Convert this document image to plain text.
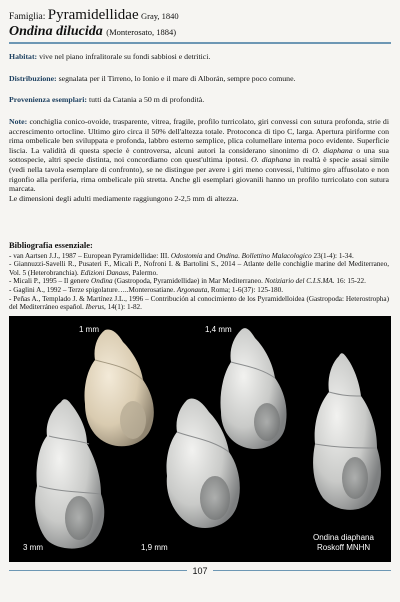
Famiglia: Pyramidellidae Gray, 1840
Ondina dilucida (Monterosato, 1884)
Habitat: vive nel piano infralitorale su fondi sabbiosi e detritici.
Distribuzione: segnalata per il Tirreno, lo Ionio e il mare di Alborán, sempre poco comune.
Provenienza esemplari: tutti da Catania a 50 m di profondità.
Note: conchiglia conico-ovoide, trasparente, vitrea, fragile, profilo turricolato, giri convessi con sutura profonda, strie di accrescimento ortocline. Ultimo giro circa il 50% dell'altezza totale. Protoconca di tipo C, larga. Apertura piriforme con rima ombelicale ben sviluppata e profonda, labbro esterno semplice, plica columellare interna poco evidente. Superficie liscia. La validità di questa specie è controversa, alcuni autori la considerano sinonimo di O. diaphana o una sua sottospecie, altri specie distinta, noi concordiamo con quest'ultima ipotesi. O. diaphana in realtà è specie assai simile (vedi nella tavola esemplare di confronto), se ne distingue per avere i giri meno convessi, l'ultimo giro affusolato e non rigonfio alla periferia, rima ombelicale più stretta. Anche gli esemplari giovanili hanno un profilo turricolato con sutura marcata.
Le dimensioni degli adulti mediamente raggiungono 2-2,5 mm di altezza.
Bibliografia essenziale:
- van Aartsen J.J., 1987 – European Pyramidellidae: III. Odostomia and Ondina. Bollettino Malacologico 23(1-4): 1-34.
- Giannuzzi-Savelli R., Pusateri F., Micali P., Nofroni I. & Bartolini S., 2014 – Atlante delle conchiglie marine del Mediterraneo, Vol. 5 (Heterobranchia). Edizioni Danaus, Palermo.
- Micali P., 1995 – Il genere Ondina (Gastropoda, Pyramidellidae) in Mar Mediterraneo. Notiziario del C.I.S.MA. 16: 15-22.
- Gaglini A., 1992 – Terze spigolature…..Monterosatiane. Argonauta, Roma; 1-6(37): 125-180.
- Peñas A., Templado J. & Martínez J.L., 1996 – Contribución al conocimiento de los Pyramidelloidea (Gastropoda: Heterostropha) del Mediterráneo español. Iberus, 14(1): 1-82.
1 mm	1,4 mm
3 mm	1,9 mm
Ondina diaphana
Roskoff MNHN
107
